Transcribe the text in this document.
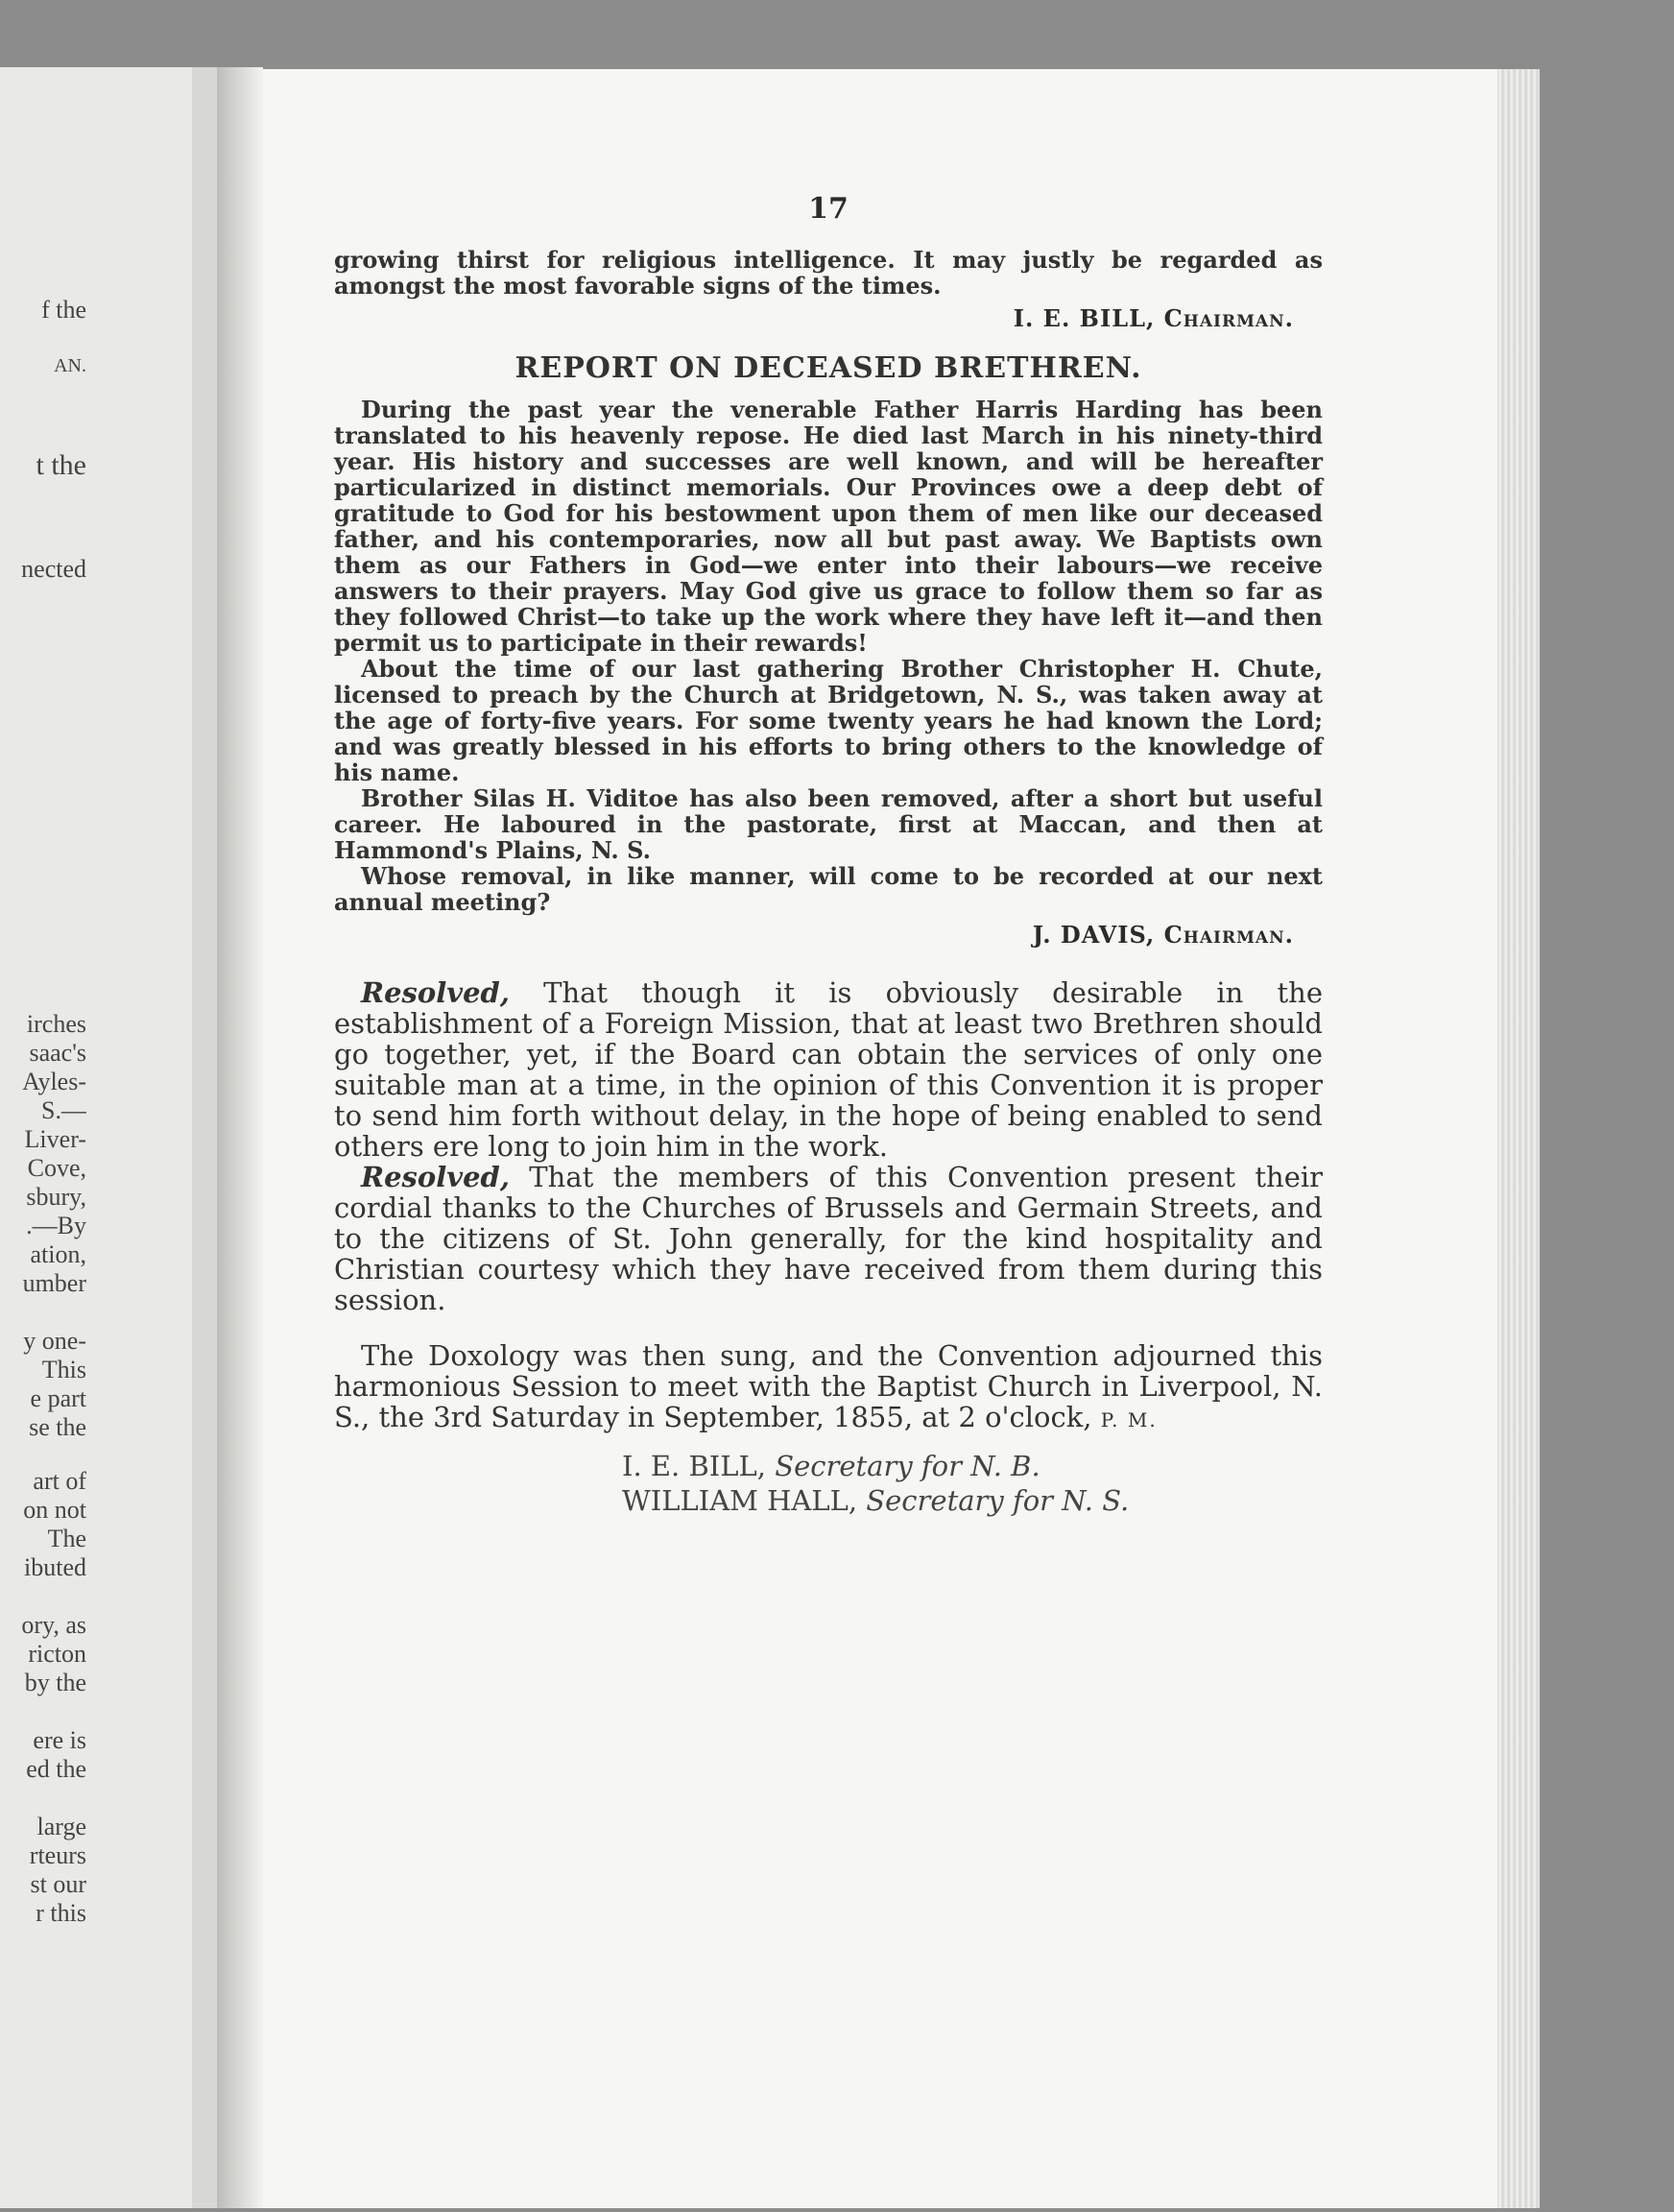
f the
AN.
t the
nected
irches
saac's
Ayles-
S.—
Liver-
Cove,
sbury,
.—By
ation,
umber
y one-
This
e part
se the
art of
on not
The
ibuted
ory, as
ricton
by the
ere is
ed the
large
rteurs
st our
r this
17

growing thirst for religious intelligence. It may justly be regarded as amongst the most favorable signs of the times.

I. E. BILL, Chairman.
REPORT ON DECEASED BRETHREN.

During the past year the venerable Father Harris Harding has been translated to his heavenly repose. He died last March in his ninety-third year. His history and successes are well known, and will be hereafter particularized in distinct memorials. Our Provinces owe a deep debt of gratitude to God for his bestowment upon them of men like our deceased father, and his contemporaries, now all but past away. We Baptists own them as our Fathers in God—we enter into their labours—we receive answers to their prayers. May God give us grace to follow them so far as they followed Christ—to take up the work where they have left it—and then permit us to participate in their rewards!

About the time of our last gathering Brother Christopher H. Chute, licensed to preach by the Church at Bridgetown, N. S., was taken away at the age of forty-five years. For some twenty years he had known the Lord; and was greatly blessed in his efforts to bring others to the knowledge of his name.

Brother Silas H. Viditoe has also been removed, after a short but useful career. He laboured in the pastorate, first at Maccan, and then at Hammond's Plains, N. S.

Whose removal, in like manner, will come to be recorded at our next annual meeting?

J. DAVIS, Chairman.

Resolved, That though it is obviously desirable in the establishment of a Foreign Mission, that at least two Brethren should go together, yet, if the Board can obtain the services of only one suitable man at a time, in the opinion of this Convention it is proper to send him forth without delay, in the hope of being enabled to send others ere long to join him in the work.

Resolved, That the members of this Convention present their cordial thanks to the Churches of Brussels and Germain Streets, and to the citizens of St. John generally, for the kind hospitality and Christian courtesy which they have received from them during this session.

The Doxology was then sung, and the Convention adjourned this harmonious Session to meet with the Baptist Church in Liverpool, N. S., the 3rd Saturday in September, 1855, at 2 o'clock, P. M.

I. E. BILL, Secretary for N. B.
WILLIAM HALL, Secretary for N. S.
